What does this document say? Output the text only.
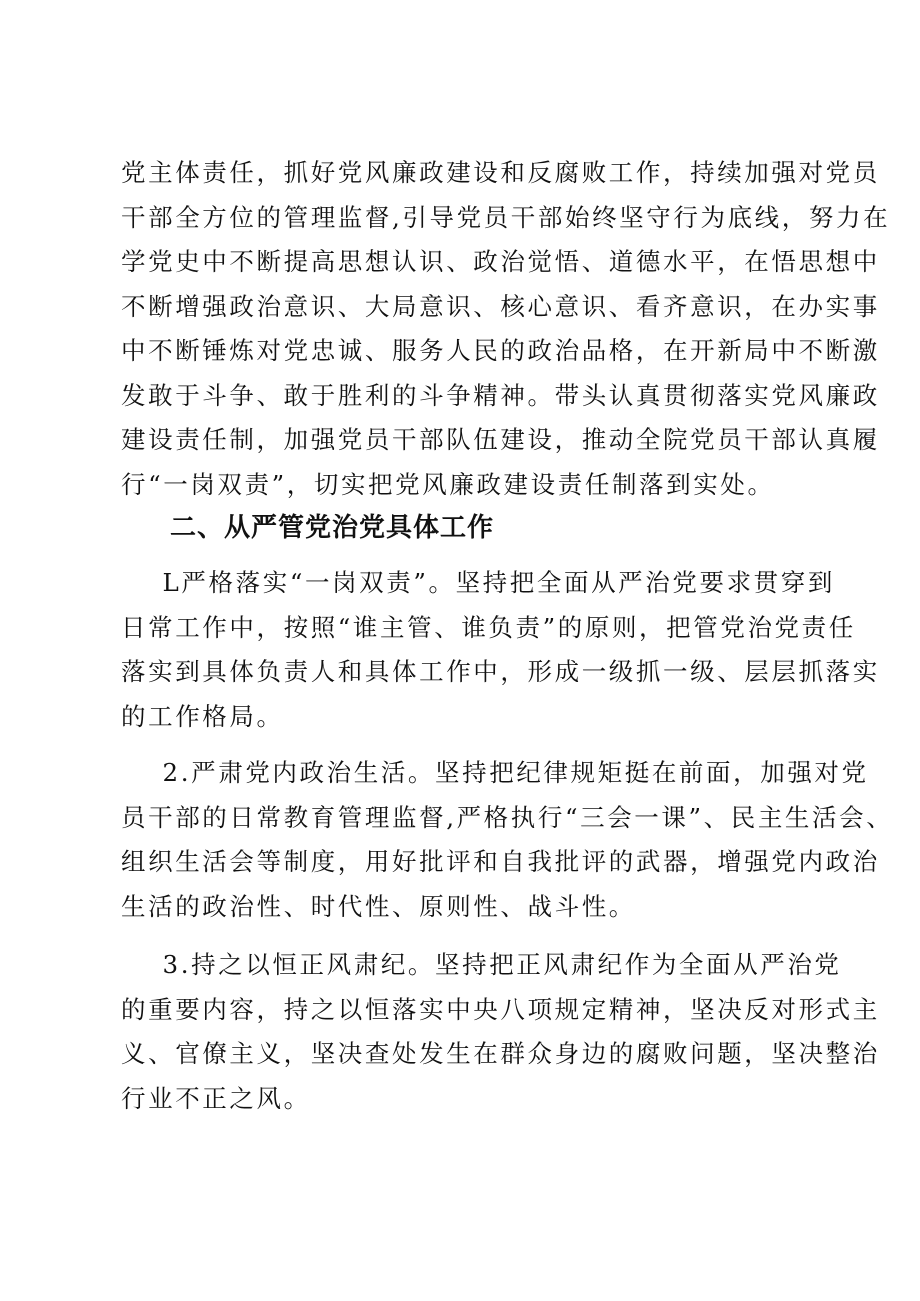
党主体责任，抓好党风廉政建设和反腐败工作，持续加强对党员
干部全方位的管理监督,引导党员干部始终坚守行为底线，努力在
学党史中不断提高思想认识、政治觉悟、道德水平，在悟思想中
不断增强政治意识、大局意识、核心意识、看齐意识，在办实事
中不断锤炼对党忠诚、服务人民的政治品格，在开新局中不断激
发敢于斗争、敢于胜利的斗争精神。带头认真贯彻落实党风廉政
建设责任制，加强党员干部队伍建设，推动全院党员干部认真履
行“一岗双责”，切实把党风廉政建设责任制落到实处。
二、从严管党治党具体工作
L严格落实“一岗双责”。坚持把全面从严治党要求贯穿到
日常工作中，按照“谁主管、谁负责”的原则，把管党治党责任
落实到具体负责人和具体工作中，形成一级抓一级、层层抓落实
的工作格局。
2.严肃党内政治生活。坚持把纪律规矩挺在前面，加强对党
员干部的日常教育管理监督,严格执行“三会一课”、民主生活会、
组织生活会等制度，用好批评和自我批评的武器，增强党内政治
生活的政治性、时代性、原则性、战斗性。
3.持之以恒正风肃纪。坚持把正风肃纪作为全面从严治党
的重要内容，持之以恒落实中央八项规定精神，坚决反对形式主
义、官僚主义，坚决查处发生在群众身边的腐败问题，坚决整治
行业不正之风。
